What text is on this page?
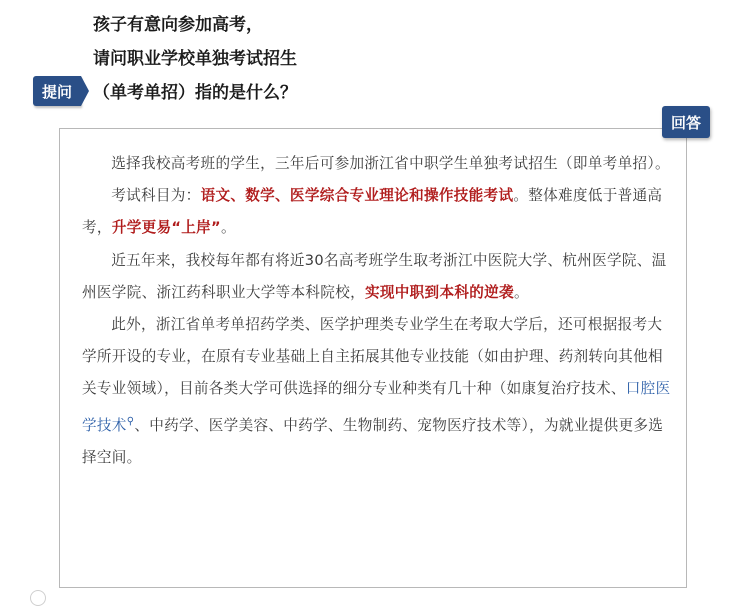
孩子有意向参加高考，
请问职业学校单独考试招生
（单考单招）指的是什么？
提问
回答

选择我校高考班的学生，三年后可参加浙江省中职学生单独考试招生（即单考单招）。

考试科目为：语文、数学、医学综合专业理论和操作技能考试。整体难度低于普通高考，升学更易“上岸”。

近五年来，我校每年都有将近30名高考班学生取考浙江中医院大学、杭州医学院、温州医学院、浙江药科职业大学等本科院校，实现中职到本科的逆袭。

此外，浙江省单考单招药学类、医学护理类专业学生在考取大学后，还可根据报考大学所开设的专业，在原有专业基础上自主拓展其他专业技能（如由护理、药剂转向其他相关专业领域），目前各类大学可供选择的细分专业种类有几十种（如康复治疗技术、口腔医学技术⚲、中药学、医学美容、中药学、生物制药、宠物医疗技术等），为就业提供更多选择空间。
